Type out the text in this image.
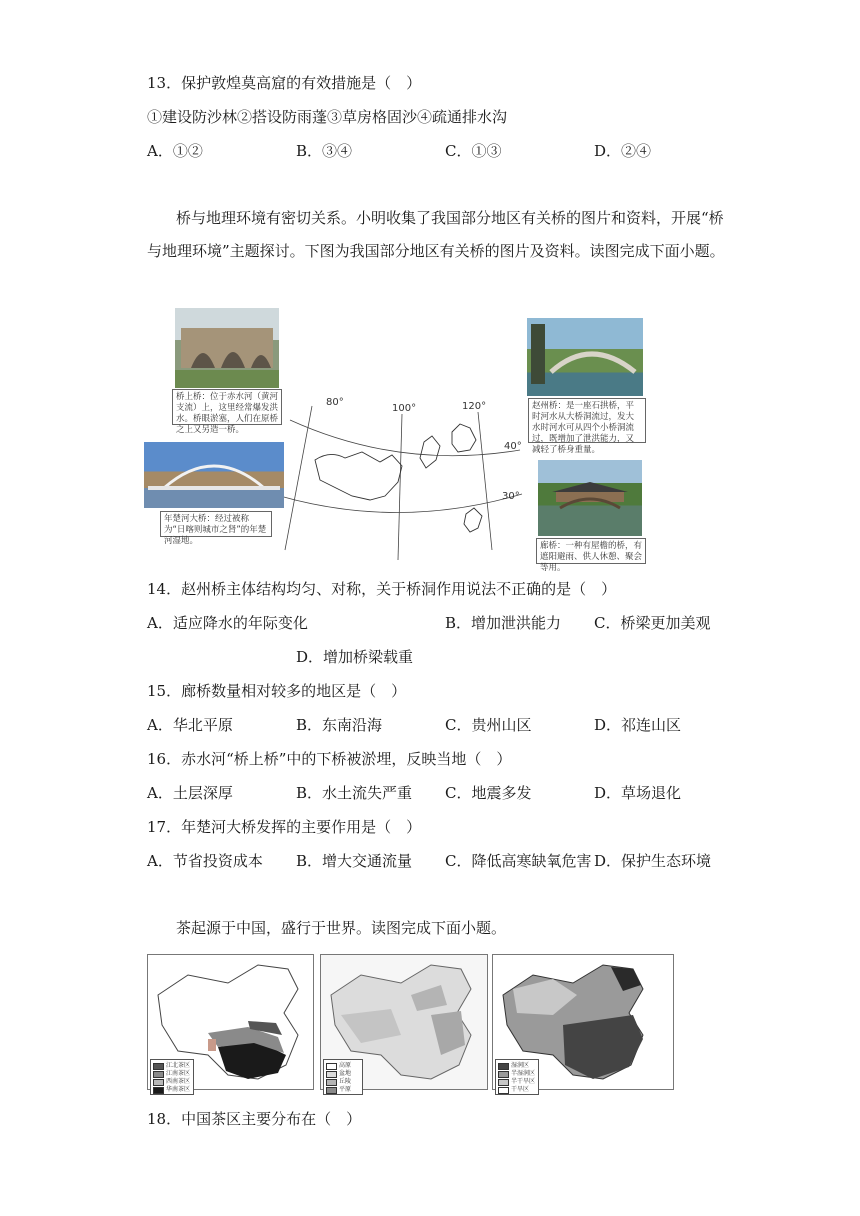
13．保护敦煌莫高窟的有效措施是（　）
①建设防沙林②搭设防雨蓬③草房格固沙④疏通排水沟
A．①②	B．③④	C．①③	D．②④
桥与地理环境有密切关系。小明收集了我国部分地区有关桥的图片和资料，开展“桥
与地理环境”主题探讨。下图为我国部分地区有关桥的图片及资料。读图完成下面小题。
80°
100°	120°
40°
30°
桥上桥：位于赤水河（黄河支流）上，这里经常爆发洪水。桥眼淤塞，人们在原桥之上又另造一桥。
年楚河大桥：经过被称为“日喀则城市之肾”的年楚河湿地。
赵州桥：是一座石拱桥，平时河水从大桥洞流过，发大水时河水可从四个小桥洞流过，既增加了泄洪能力，又减轻了桥身重量。
廊桥：一种有屋檐的桥，有遮阳避雨、供人休憩、聚会等用。
14．赵州桥主体结构均匀、对称，关于桥洞作用说法不正确的是（　）
A．适应降水的年际变化	B．增加泄洪能力 C．桥梁更加美观
D．增加桥梁载重
15．廊桥数量相对较多的地区是（　）
A．华北平原	B．东南沿海	C．贵州山区	D．祁连山区
16．赤水河“桥上桥”中的下桥被淤埋，反映当地（　）
A．土层深厚	B．水土流失严重 C．地震多发	D．草场退化
17．年楚河大桥发挥的主要作用是（　）
A．节省投资成本 B．增大交通流量 C．降低高寒缺氧危害 D．保护生态环境
茶起源于中国，盛行于世界。读图完成下面小题。
江北茶区
江南茶区
西南茶区
华南茶区
高原
盆地
丘陵
平原
湿润区
半湿润区
半干旱区
干旱区
18．中国茶区主要分布在（　）
